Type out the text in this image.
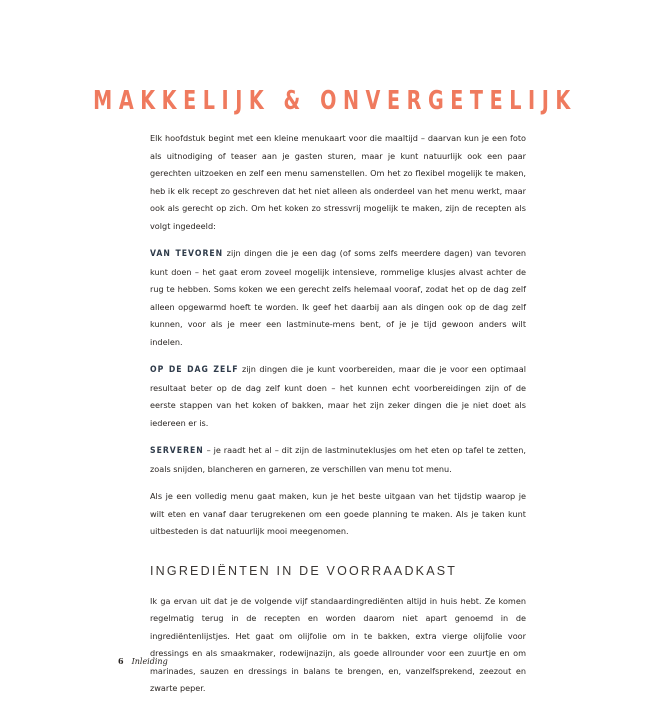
MAKKELIJK & ONVERGETELIJK

Elk hoofdstuk begint met een kleine menukaart voor die maaltijd – daarvan kun je een foto als uitnodiging of teaser aan je gasten sturen, maar je kunt natuurlijk ook een paar gerechten uitzoeken en zelf een menu samenstellen. Om het zo flexibel mogelijk te maken, heb ik elk recept zo geschreven dat het niet alleen als onderdeel van het menu werkt, maar ook als gerecht op zich. Om het koken zo stressvrij mogelijk te maken, zijn de recepten als volgt ingedeeld:

VAN TEVOREN zijn dingen die je een dag (of soms zelfs meerdere dagen) van tevoren kunt doen – het gaat erom zoveel mogelijk intensieve, rommelige klusjes alvast achter de rug te hebben. Soms koken we een gerecht zelfs helemaal vooraf, zodat het op de dag zelf alleen opgewarmd hoeft te worden. Ik geef het daarbij aan als dingen ook op de dag zelf kunnen, voor als je meer een lastminute-mens bent, of je je tijd gewoon anders wilt indelen.

OP DE DAG ZELF zijn dingen die je kunt voorbereiden, maar die je voor een optimaal resultaat beter op de dag zelf kunt doen – het kunnen echt voorbereidingen zijn of de eerste stappen van het koken of bakken, maar het zijn zeker dingen die je niet doet als iedereen er is.

SERVEREN – je raadt het al – dit zijn de lastminuteklusjes om het eten op tafel te zetten, zoals snijden, blancheren en garneren, ze verschillen van menu tot menu.

Als je een volledig menu gaat maken, kun je het beste uitgaan van het tijdstip waarop je wilt eten en vanaf daar terugrekenen om een goede planning te maken. Als je taken kunt uitbesteden is dat natuurlijk mooi meegenomen.

INGREDIËNTEN IN DE VOORRAADKAST

Ik ga ervan uit dat je de volgende vijf standaardingrediënten altijd in huis hebt. Ze komen regelmatig terug in de recepten en worden daarom niet apart genoemd in de ingrediëntenlijstjes. Het gaat om olijfolie om in te bakken, extra vierge olijfolie voor dressings en als smaakmaker, rodewijnazijn, als goede allrounder voor een zuurtje en om marinades, sauzen en dressings in balans te brengen, en, vanzelfsprekend, zeezout en zwarte peper.

6 Inleiding
